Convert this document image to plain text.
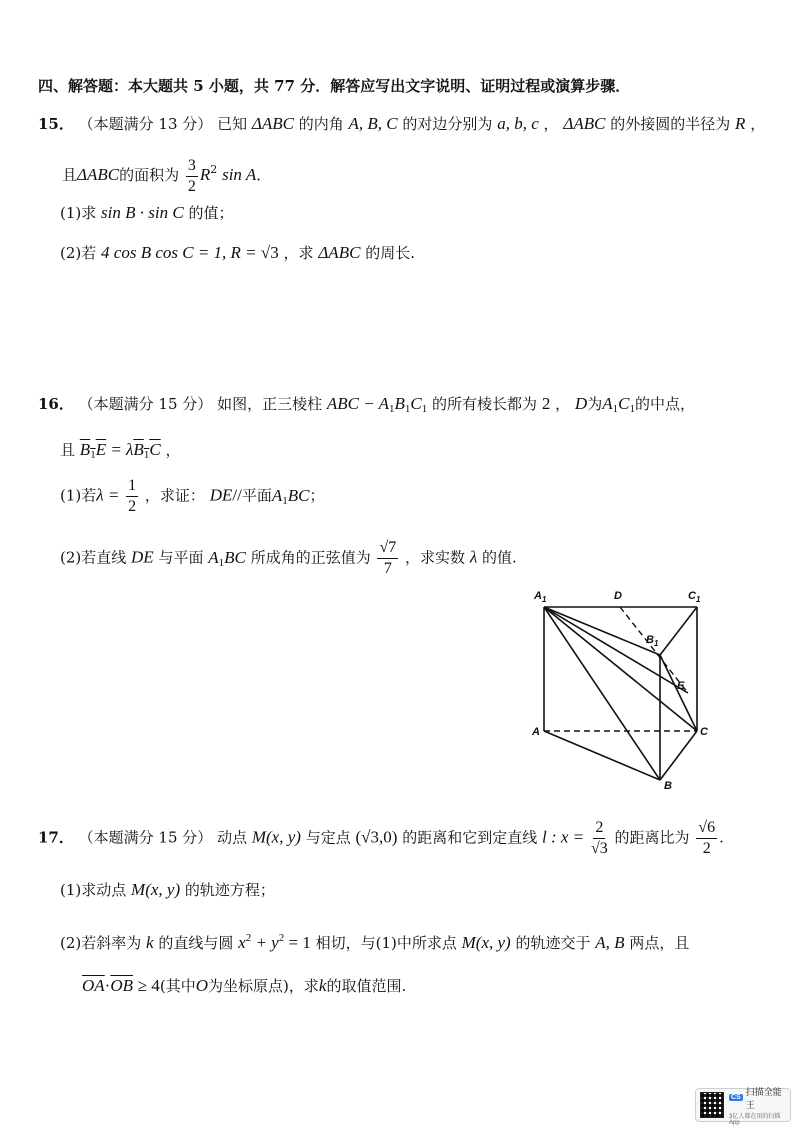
四、解答题：本大题共 5 小题，共 77 分．解答应写出文字说明、证明过程或演算步骤．
15． （本题满分 13 分） 已知 ΔABC 的内角 A, B, C 的对边分别为 a, b, c ， ΔABC 的外接圆的半径为 R ，
且ΔABC的面积为 $\frac{3}{2} R^2$ sin A．
(1)求 sin B · sin C 的值；
(2)若 4 cos B cos C = 1, R = √3 ，求 ΔABC 的周长.
16． （本题满分 15 分） 如图，正三棱柱 ABC − $A_1B_1C_1$ 的所有棱长都为 2 ， D为$A_1C_1$的中点，
且 $B_1E = \lambda B_1C$ ，
(1)若$\lambda = \frac{1}{2}$ ，求证： DE//平面$A_1BC$；
(2)若直线 DE 与平面 $A_1BC$ 所成角的正弦值为 $\frac{√7}{7}$ ，求实数 λ 的值.
$A_1$	D	$C_1$
$B_1$
E
A	C
B
17． （本题满分 15 分） 动点 M(x, y) 与定点 (√3,0) 的距离和它到定直线 l : $x = \frac{2}{√3}$ 的距离比为 $\frac{√6}{2}$ .
(1)求动点 M(x, y) 的轨迹方程；
(2)若斜率为 k 的直线与圆 $x^2 + y^2 = 1$ 相切，与(1)中所求点 M(x, y) 的轨迹交于 A, B 两点，且
$\overline{OA}\cdot\overline{OB} \ge 4$(其中O为坐标原点)，求k的取值范围.
CS
扫描全能王
3亿人都在用的扫描App
